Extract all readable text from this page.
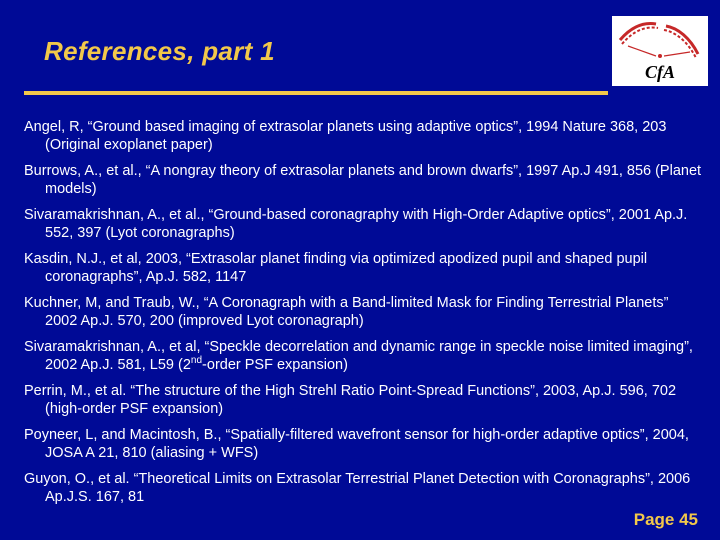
References, part 1
CfA
Angel, R, “Ground based imaging of extrasolar planets using adaptive optics”, 1994 Nature 368, 203 (Original exoplanet paper)
Burrows, A., et al., “A nongray theory of extrasolar planets and brown dwarfs”, 1997 Ap.J 491, 856 (Planet models)
Sivaramakrishnan, A., et al., “Ground-based coronagraphy with High-Order Adaptive optics”, 2001 Ap.J. 552, 397 (Lyot coronagraphs)
Kasdin, N.J., et al, 2003, “Extrasolar planet finding via optimized apodized pupil and shaped pupil coronagraphs”, Ap.J. 582, 1147
Kuchner, M, and Traub, W., “A Coronagraph with a Band-limited Mask for Finding Terrestrial Planets” 2002 Ap.J. 570, 200 (improved Lyot coronagraph)
Sivaramakrishnan, A., et al, “Speckle decorrelation and dynamic range in speckle noise limited imaging”, 2002 Ap.J. 581, L59 (2nd-order PSF expansion)
Perrin, M., et al. “The structure of the High Strehl Ratio Point-Spread Functions”, 2003, Ap.J. 596, 702 (high-order PSF expansion)
Poyneer, L, and Macintosh, B., “Spatially-filtered wavefront sensor for high-order adaptive optics”, 2004, JOSA A 21, 810 (aliasing + WFS)
Guyon, O., et al. “Theoretical Limits on Extrasolar Terrestrial Planet Detection with Coronagraphs”, 2006 Ap.J.S. 167, 81
Page 45
